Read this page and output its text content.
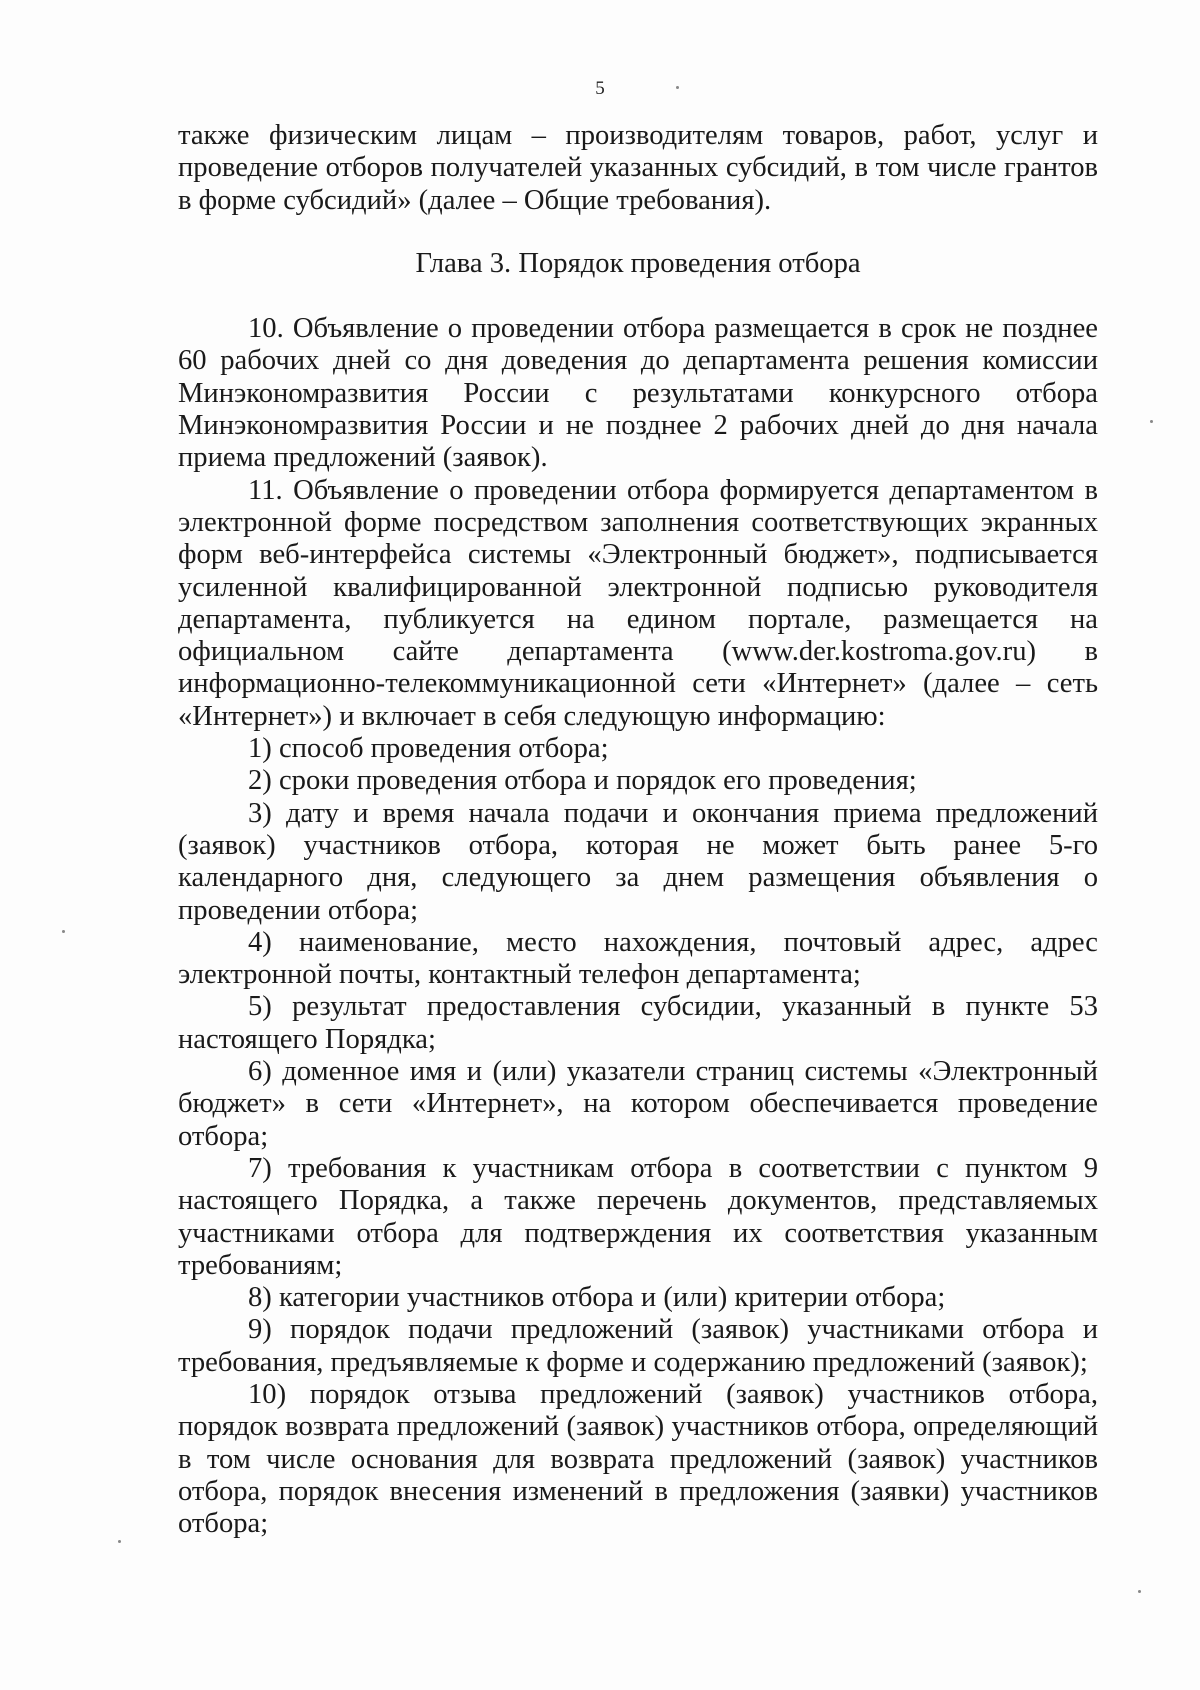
5

также физическим лицам – производителям товаров, работ, услуг и проведение отборов получателей указанных субсидий, в том числе грантов в форме субсидий» (далее – Общие требования).

Глава 3. Порядок проведения отбора

10. Объявление о проведении отбора размещается в срок не позднее 60 рабочих дней со дня доведения до департамента решения комиссии Минэкономразвития России с результатами конкурсного отбора Минэкономразвития России и не позднее 2 рабочих дней до дня начала приема предложений (заявок).

11. Объявление о проведении отбора формируется департаментом в электронной форме посредством заполнения соответствующих экранных форм веб-интерфейса системы «Электронный бюджет», подписывается усиленной квалифицированной электронной подписью руководителя департамента, публикуется на едином портале, размещается на официальном сайте департамента (www.der.kostroma.gov.ru) в информационно-телекоммуникационной сети «Интернет» (далее – сеть «Интернет») и включает в себя следующую информацию:

1) способ проведения отбора;

2) сроки проведения отбора и порядок его проведения;

3) дату и время начала подачи и окончания приема предложений (заявок) участников отбора, которая не может быть ранее 5-го календарного дня, следующего за днем размещения объявления о проведении отбора;

4) наименование, место нахождения, почтовый адрес, адрес электронной почты, контактный телефон департамента;

5) результат предоставления субсидии, указанный в пункте 53 настоящего Порядка;

6) доменное имя и (или) указатели страниц системы «Электронный бюджет» в сети «Интернет», на котором обеспечивается проведение отбора;

7) требования к участникам отбора в соответствии с пунктом 9 настоящего Порядка, а также перечень документов, представляемых участниками отбора для подтверждения их соответствия указанным требованиям;

8) категории участников отбора и (или) критерии отбора;

9) порядок подачи предложений (заявок) участниками отбора и требования, предъявляемые к форме и содержанию предложений (заявок);

10) порядок отзыва предложений (заявок) участников отбора, порядок возврата предложений (заявок) участников отбора, определяющий в том числе основания для возврата предложений (заявок) участников отбора, порядок внесения изменений в предложения (заявки) участников отбора;
